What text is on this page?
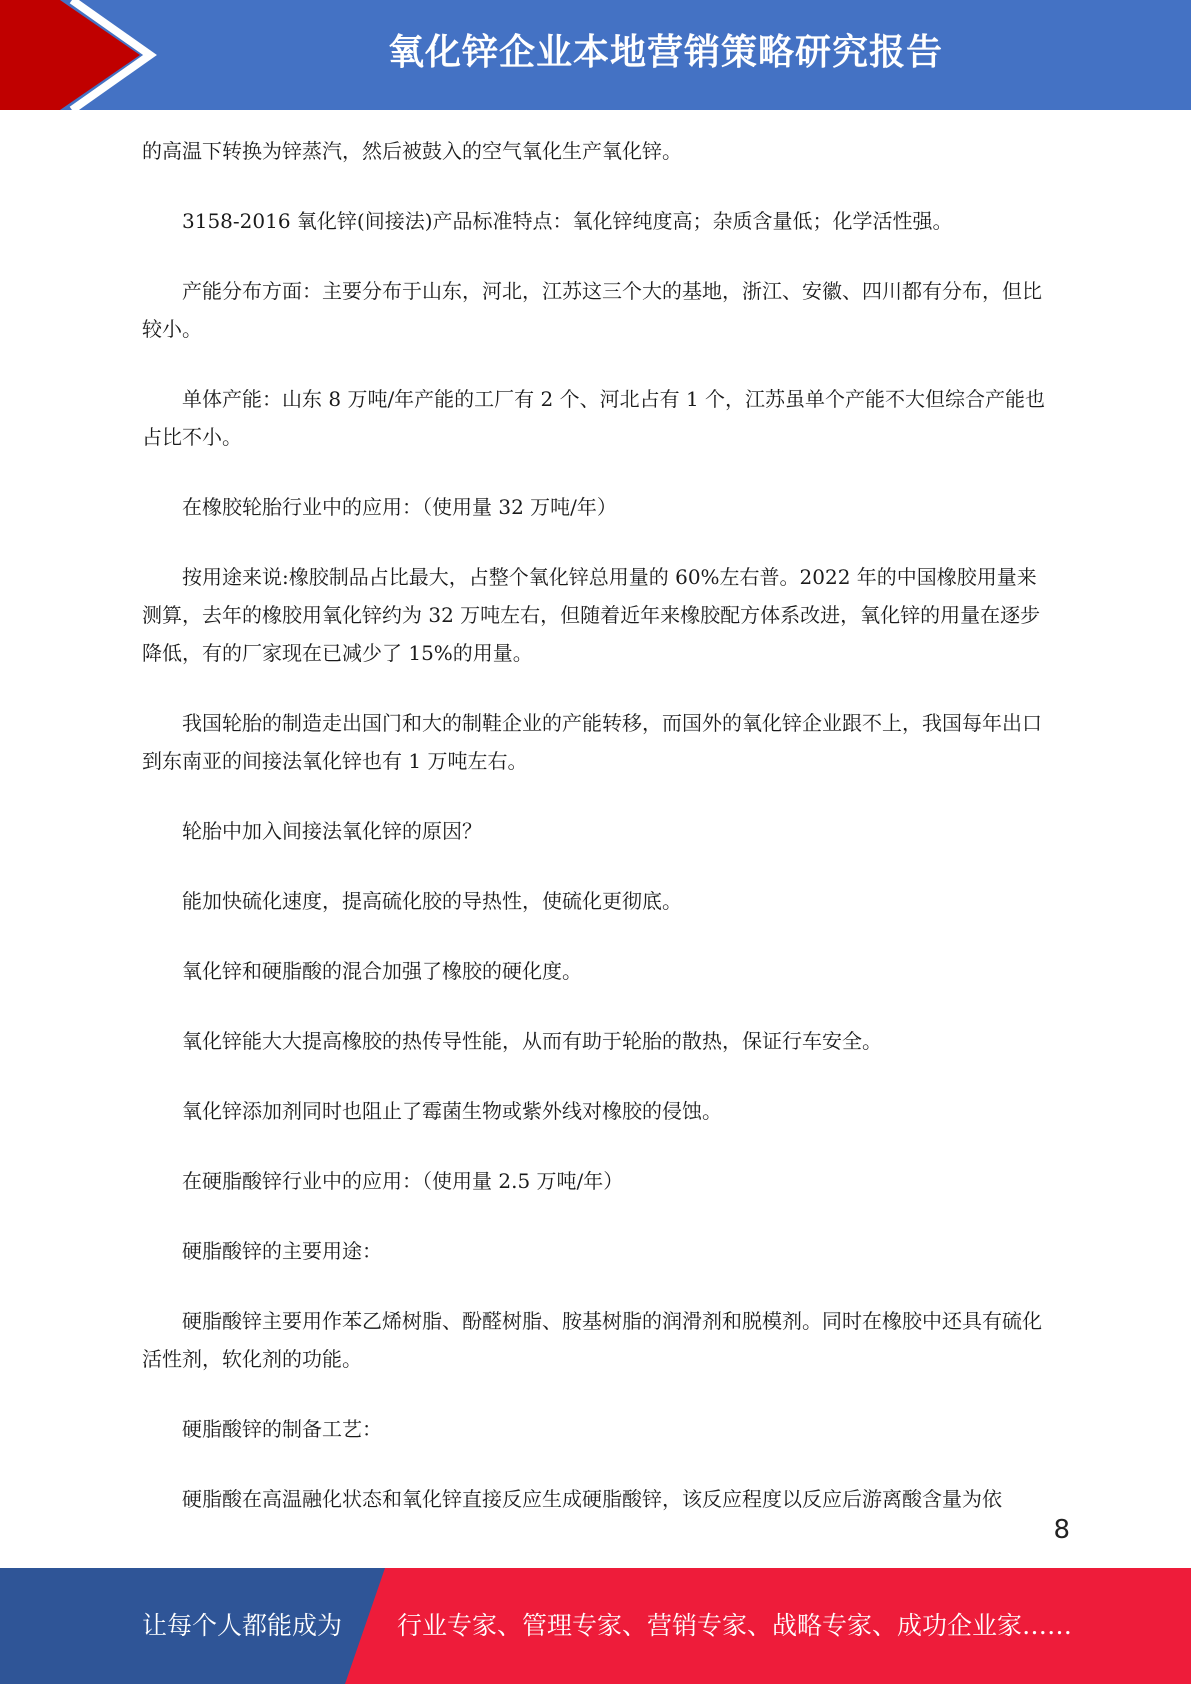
氧化锌企业本地营销策略研究报告

的高温下转换为锌蒸汽，然后被鼓入的空气氧化生产氧化锌。

3158-2016 氧化锌(间接法)产品标准特点：氧化锌纯度高；杂质含量低；化学活性强。

产能分布方面：主要分布于山东，河北，江苏这三个大的基地，浙江、安徽、四川都有分布，但比较小。

单体产能：山东 8 万吨/年产能的工厂有 2 个、河北占有 1 个，江苏虽单个产能不大但综合产能也占比不小。

在橡胶轮胎行业中的应用：（使用量 32 万吨/年）

按用途来说:橡胶制品占比最大，占整个氧化锌总用量的 60%左右普。2022 年的中国橡胶用量来测算，去年的橡胶用氧化锌约为 32 万吨左右，但随着近年来橡胶配方体系改进，氧化锌的用量在逐步降低，有的厂家现在已减少了 15%的用量。

我国轮胎的制造走出国门和大的制鞋企业的产能转移，而国外的氧化锌企业跟不上，我国每年出口到东南亚的间接法氧化锌也有 1 万吨左右。

轮胎中加入间接法氧化锌的原因？

能加快硫化速度，提高硫化胶的导热性，使硫化更彻底。

氧化锌和硬脂酸的混合加强了橡胶的硬化度。

氧化锌能大大提高橡胶的热传导性能，从而有助于轮胎的散热，保证行车安全。

氧化锌添加剂同时也阻止了霉菌生物或紫外线对橡胶的侵蚀。

在硬脂酸锌行业中的应用：（使用量 2.5 万吨/年）

硬脂酸锌的主要用途：

硬脂酸锌主要用作苯乙烯树脂、酚醛树脂、胺基树脂的润滑剂和脱模剂。同时在橡胶中还具有硫化活性剂，软化剂的功能。

硬脂酸锌的制备工艺：

硬脂酸在高温融化状态和氧化锌直接反应生成硬脂酸锌，该反应程度以反应后游离酸含量为依

8
让每个人都能成为 行业专家、管理专家、营销专家、战略专家、成功企业家……
